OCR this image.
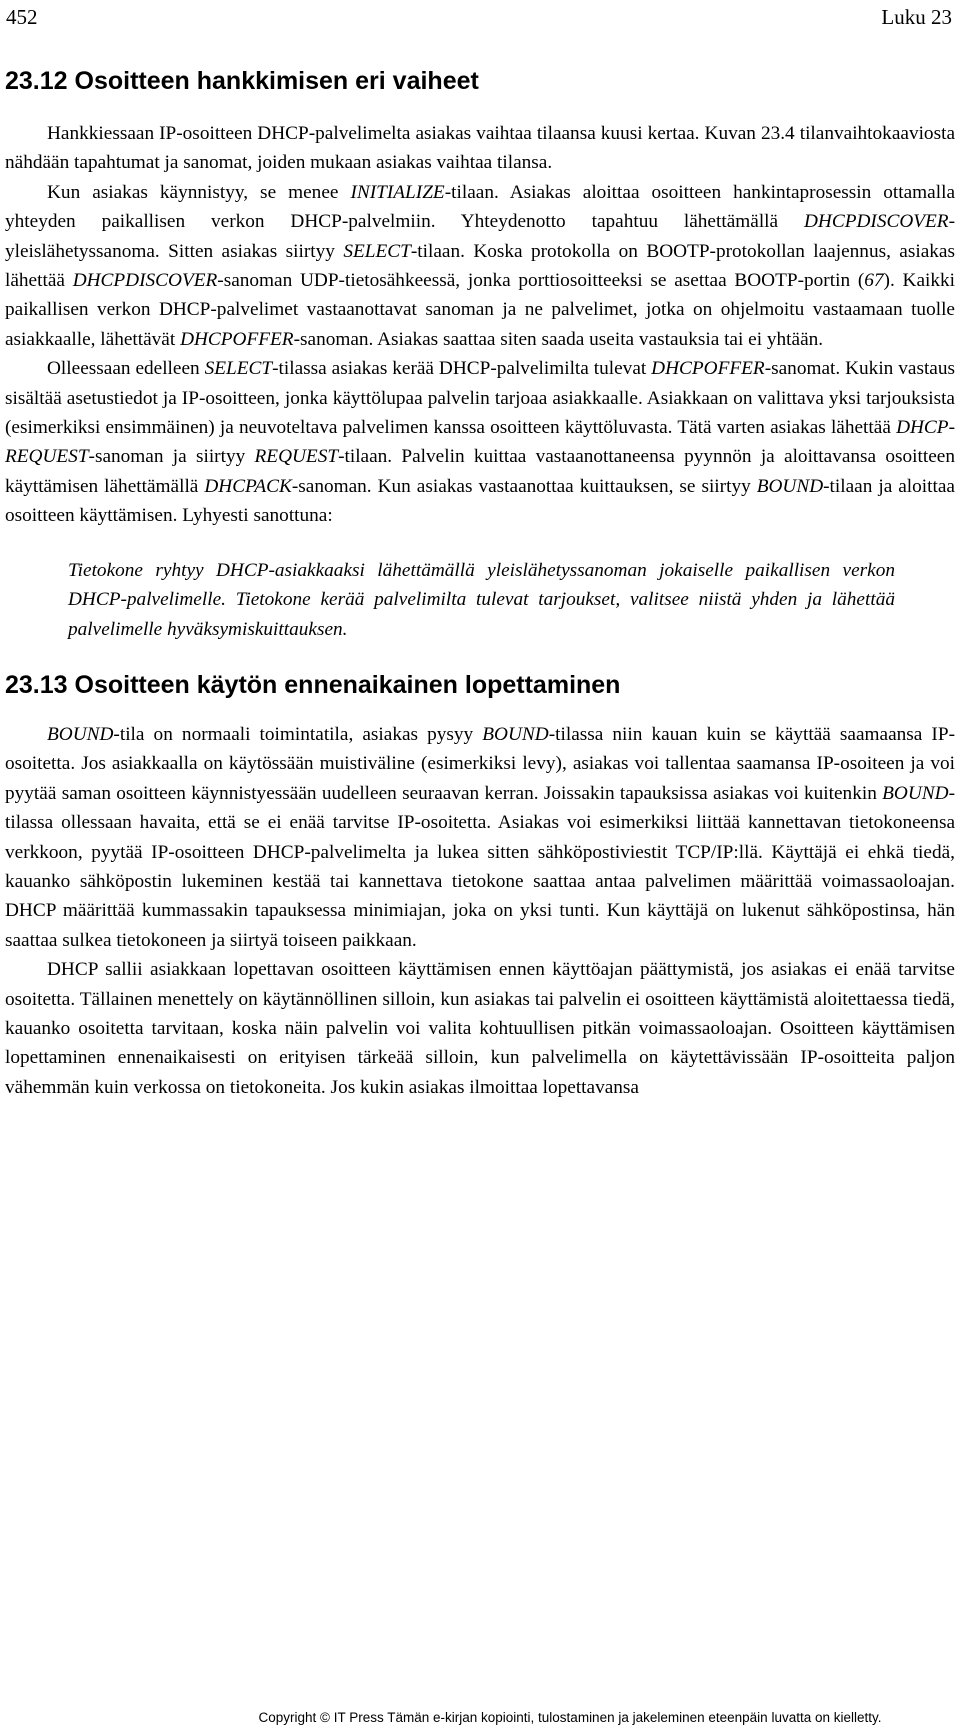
452	Luku 23
23.12 Osoitteen hankkimisen eri vaiheet

Hankkiessaan IP-osoitteen DHCP-palvelimelta asiakas vaihtaa tilaansa kuusi kertaa. Kuvan 23.4 tilanvaihtokaaviosta nähdään tapahtumat ja sanomat, joiden mukaan asiakas vaihtaa tilansa.

Kun asiakas käynnistyy, se menee INITIALIZE-tilaan. Asiakas aloittaa osoitteen hankintaprosessin ottamalla yhteyden paikallisen verkon DHCP-palvelmiin. Yhteydenotto tapahtuu lähettämällä DHCPDISCOVER-yleislähetyssanoma. Sitten asiakas siirtyy SELECT-tilaan. Koska protokolla on BOOTP-protokollan laajennus, asiakas lähettää DHCPDISCOVER-sanoman UDP-tietosähkeessä, jonka porttiosoitteeksi se asettaa BOOTP-portin (67). Kaikki paikallisen verkon DHCP-palvelimet vastaanottavat sanoman ja ne palvelimet, jotka on ohjelmoitu vastaamaan tuolle asiakkaalle, lähettävät DHCPOFFER-sanoman. Asiakas saattaa siten saada useita vastauksia tai ei yhtään.

Olleessaan edelleen SELECT-tilassa asiakas kerää DHCP-palvelimilta tulevat DHCPOFFER-sanomat. Kukin vastaus sisältää asetustiedot ja IP-osoitteen, jonka käyttölupaa palvelin tarjoaa asiakkaalle. Asiakkaan on valittava yksi tarjouksista (esimerkiksi ensimmäinen) ja neuvoteltava palvelimen kanssa osoitteen käyttöluvasta. Tätä varten asiakas lähettää DHCP-REQUEST-sanoman ja siirtyy REQUEST-tilaan. Palvelin kuittaa vastaanottaneensa pyynnön ja aloittavansa osoitteen käyttämisen lähettämällä DHCPACK-sanoman. Kun asiakas vastaanottaa kuittauksen, se siirtyy BOUND-tilaan ja aloittaa osoitteen käyttämisen. Lyhyesti sanottuna:

Tietokone ryhtyy DHCP-asiakkaaksi lähettämällä yleislähetyssanoman jokaiselle paikallisen verkon DHCP-palvelimelle. Tietokone kerää palvelimilta tulevat tarjoukset, valitsee niistä yhden ja lähettää palvelimelle hyväksymiskuittauksen.
23.13 Osoitteen käytön ennenaikainen lopettaminen

BOUND-tila on normaali toimintatila, asiakas pysyy BOUND-tilassa niin kauan kuin se käyttää saamaansa IP-osoitetta. Jos asiakkaalla on käytössään muistiväline (esimerkiksi levy), asiakas voi tallentaa saamansa IP-osoiteen ja voi pyytää saman osoitteen käynnistyessään uudelleen seuraavan kerran. Joissakin tapauksissa asiakas voi kuitenkin BOUND-tilassa ollessaan havaita, että se ei enää tarvitse IP-osoitetta. Asiakas voi esimerkiksi liittää kannettavan tietokoneensa verkkoon, pyytää IP-osoitteen DHCP-palvelimelta ja lukea sitten sähköpostiviestit TCP/IP:llä. Käyttäjä ei ehkä tiedä, kauanko sähköpostin lukeminen kestää tai kannettava tietokone saattaa antaa palvelimen määrittää voimassaoloajan. DHCP määrittää kummassakin tapauksessa minimiajan, joka on yksi tunti. Kun käyttäjä on lukenut sähköpostinsa, hän saattaa sulkea tietokoneen ja siirtyä toiseen paikkaan.

DHCP sallii asiakkaan lopettavan osoitteen käyttämisen ennen käyttöajan päättymistä, jos asiakas ei enää tarvitse osoitetta. Tällainen menettely on käytännöllinen silloin, kun asiakas tai palvelin ei osoitteen käyttämistä aloitettaessa tiedä, kauanko osoitetta tarvitaan, koska näin palvelin voi valita kohtuullisen pitkän voimassaoloajan. Osoitteen käyttämisen lopettaminen ennenaikaisesti on erityisen tärkeää silloin, kun palvelimella on käytettävissään IP-osoitteita paljon vähemmän kuin verkossa on tietokoneita. Jos kukin asiakas ilmoittaa lopettavansa

Copyright © IT Press Tämän e-kirjan kopiointi, tulostaminen ja jakeleminen eteenpäin luvatta on kielletty.
